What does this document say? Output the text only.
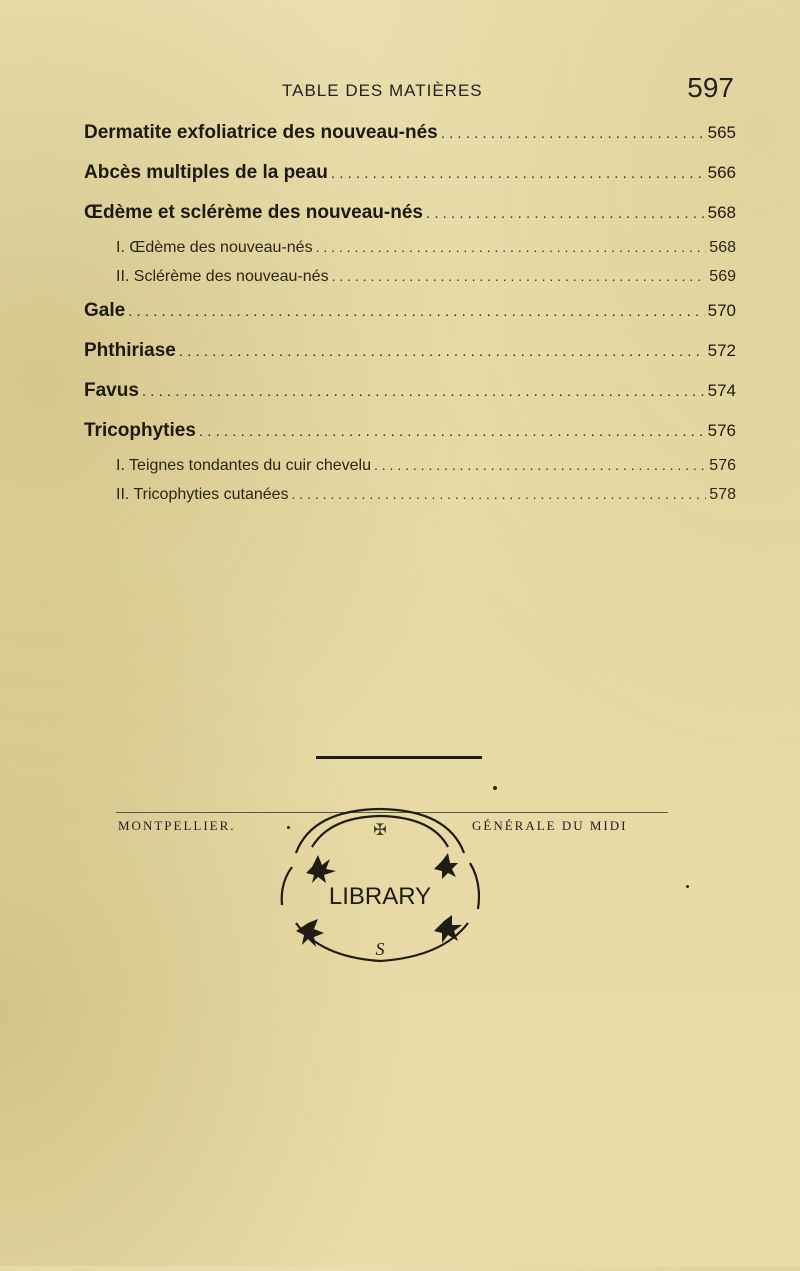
TABLE DES MATIÈRES	597
Dermatite exfoliatrice des nouveau-nés . . .	565
Abcès multiples de la peau . . .	566
Œdème et sclérème des nouveau-nés . . .	568
I. Œdème des nouveau-nés . . .	568
II. Sclérème des nouveau-nés . . .	569
Gale . . .	570
Phthiriase . . .	572
Favus . . .	574
Tricophyties . . .	576
I. Teignes tondantes du cuir chevelu . . .	576
II. Tricophyties cutanées . . .	578
MONTPELLIER.	GÉNÉRALE DU MIDI
LIBRARY
✠
S
